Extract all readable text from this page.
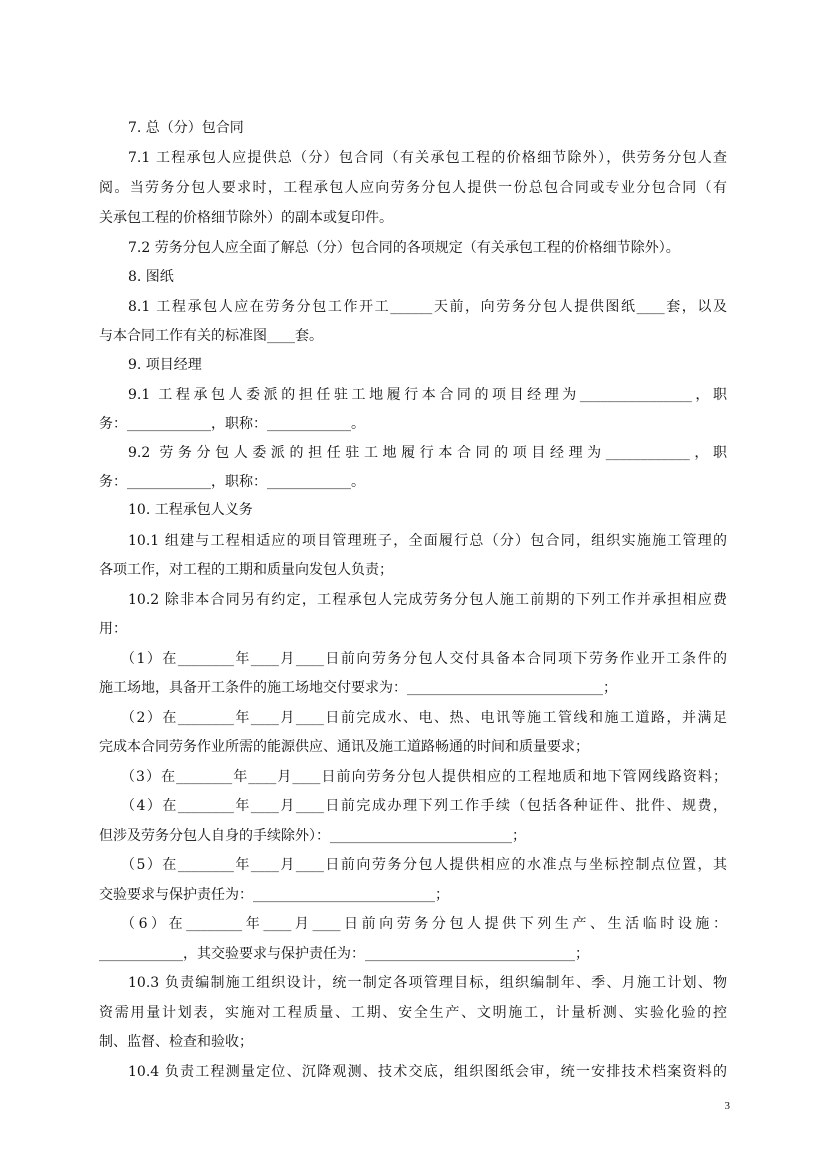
7. 总（分）包合同
7.1 工程承包人应提供总（分）包合同（有关承包工程的价格细节除外），供劳务分包人查
阅。当劳务分包人要求时，工程承包人应向劳务分包人提供一份总包合同或专业分包合同（有
关承包工程的价格细节除外）的副本或复印件。
7.2 劳务分包人应全面了解总（分）包合同的各项规定（有关承包工程的价格细节除外）。
8. 图纸
8.1 工程承包人应在劳务分包工作开工______天前，向劳务分包人提供图纸____套，以及
与本合同工作有关的标准图____套。
9. 项目经理
9.1 工程承包人委派的担任驻工地履行本合同的项目经理为________________，职
务：____________，职称：____________。
9.2 劳务分包人委派的担任驻工地履行本合同的项目经理为____________，职
务：____________，职称：____________。
10. 工程承包人义务
10.1 组建与工程相适应的项目管理班子，全面履行总（分）包合同，组织实施施工管理的
各项工作，对工程的工期和质量向发包人负责；
10.2 除非本合同另有约定，工程承包人完成劳务分包人施工前期的下列工作并承担相应费
用：
（1）在________年____月____日前向劳务分包人交付具备本合同项下劳务作业开工条件的
施工场地，具备开工条件的施工场地交付要求为：____________________________；
（2）在________年____月____日前完成水、电、热、电讯等施工管线和施工道路，并满足
完成本合同劳务作业所需的能源供应、通讯及施工道路畅通的时间和质量要求；
（3）在________年____月____日前向劳务分包人提供相应的工程地质和地下管网线路资料；
（4）在________年____月____日前完成办理下列工作手续（包括各种证件、批件、规费，
但涉及劳务分包人自身的手续除外）：__________________________；
（5）在________年____月____日前向劳务分包人提供相应的水准点与坐标控制点位置，其
交验要求与保护责任为：__________________________；
（6）在________年____月____日前向劳务分包人提供下列生产、生活临时设施：
____________，其交验要求与保护责任为：______________________________；
10.3 负责编制施工组织设计，统一制定各项管理目标，组织编制年、季、月施工计划、物
资需用量计划表，实施对工程质量、工期、安全生产、文明施工，计量析测、实验化验的控
制、监督、检查和验收；
10.4 负责工程测量定位、沉降观测、技术交底，组织图纸会审，统一安排技术档案资料的
3
